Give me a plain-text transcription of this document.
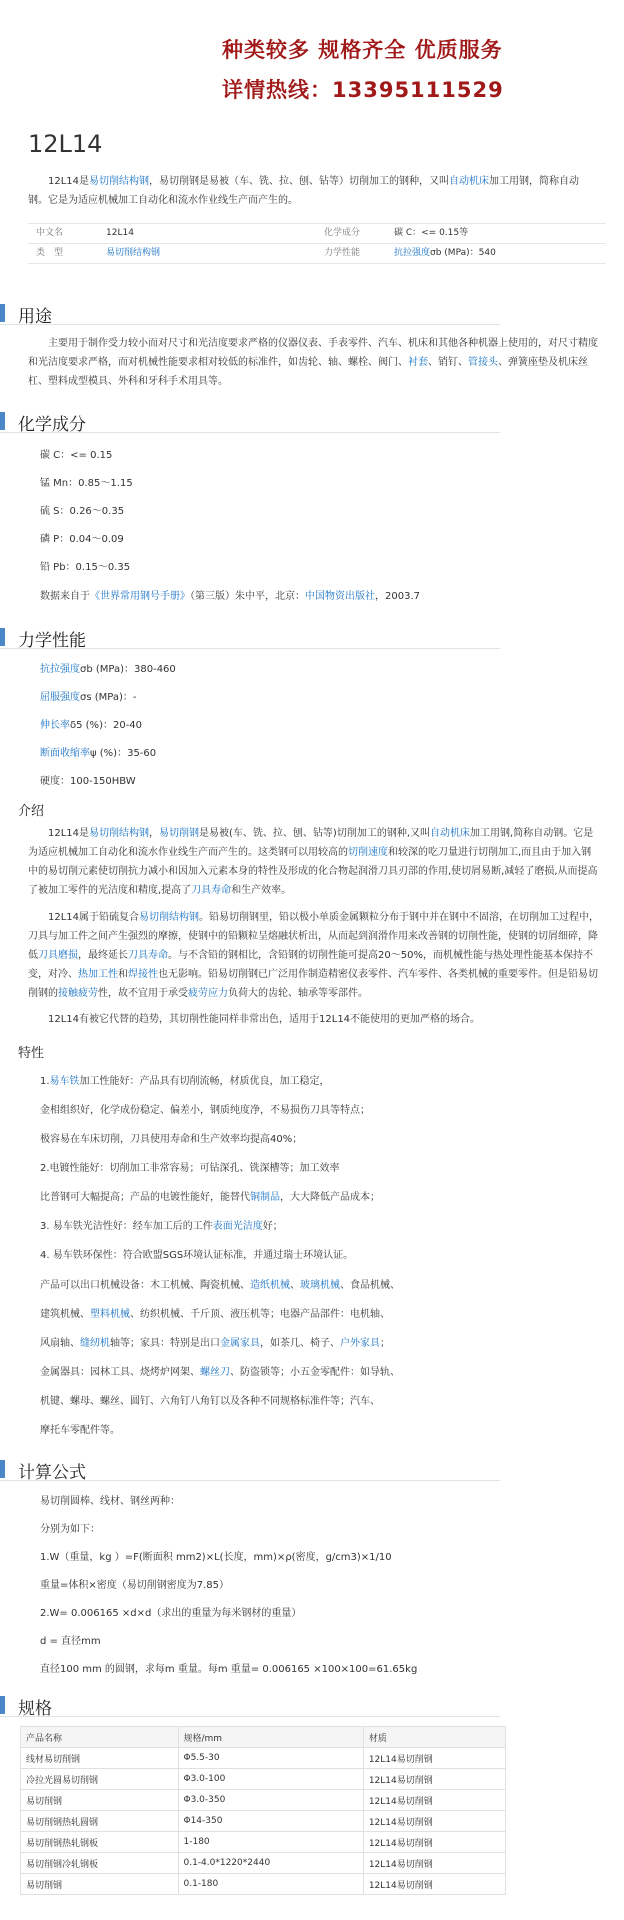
种类较多 规格齐全 优质服务
详情热线：13395111529
12L14
12L14是易切削结构钢，易切削钢是易被（车、铣、拉、刨、钻等）切削加工的钢种，又叫自动机床加工用钢，简称自动钢。它是为适应机械加工自动化和流水作业线生产而产生的。
中文名	12L14	化学成分	碳 C：<= 0.15等
类　型	易切削结构钢	力学性能	抗拉强度σb (MPa)：540
用途
主要用于制作受力较小而对尺寸和光洁度要求严格的仪器仪表、手表零件、汽车、机床和其他各种机器上使用的，对尺寸精度和光洁度要求严格，而对机械性能要求相对较低的标准件，如齿轮、轴、螺栓、阀门、衬套、销钉、管接头、弹簧座垫及机床丝杠、塑料成型模具、外科和牙科手术用具等。
化学成分
碳 C：<= 0.15
锰 Mn：0.85～1.15
硫 S：0.26～0.35
磷 P：0.04～0.09
铅 Pb：0.15～0.35
数据来自于《世界常用钢号手册》（第三版）朱中平，北京：中国物资出版社，2003.7
力学性能
抗拉强度σb (MPa)：380-460
屈服强度σs (MPa)：-
伸长率δ5 (%)：20-40
断面收缩率ψ (%)：35-60
硬度：100-150HBW
介绍
12L14是易切削结构钢，易切削钢是易被(车、铣、拉、刨、钻等)切削加工的钢种,又叫自动机床加工用钢,简称自动钢。它是为适应机械加工自动化和流水作业线生产而产生的。这类钢可以用较高的切削速度和较深的吃刀量进行切削加工,而且由于加入钢中的易切削元素使切削抗力减小和因加入元素本身的特性及形成的化合物起润滑刀具刃部的作用,使切屑易断,减轻了磨损,从而提高了被加工零件的光洁度和精度,提高了刀具寿命和生产效率。
12L14属于铅硫复合易切削结构钢。铅易切削钢里，铅以极小单质金属颗粒分布于钢中并在钢中不固溶，在切削加工过程中，刀具与加工件之间产生强烈的摩擦，使钢中的铅颗粒呈熔融状析出，从而起到润滑作用来改善钢的切削性能，使钢的切屑细碎，降低刀具磨损，最终延长刀具寿命。与不含铅的钢相比，含铅钢的切削性能可提高20～50%，而机械性能与热处理性能基本保持不变，对冷、热加工性和焊接性也无影响。铅易切削钢已广泛用作制造精密仪表零件、汽车零件、各类机械的重要零件。但是铅易切削钢的接触疲劳性，故不宜用于承受疲劳应力负荷大的齿轮、轴承等零部件。
12L14有被它代替的趋势，其切削性能同样非常出色，适用于12L14不能使用的更加严格的场合。
特性
1.易车铁加工性能好：产品具有切削流畅，材质优良，加工稳定，
金相组织好，化学成份稳定、偏差小，钢质纯度净，不易损伤刀具等特点；
极容易在车床切削，刀具使用寿命和生产效率均提高40%；
2.电镀性能好：切削加工非常容易；可钻深孔、铣深槽等；加工效率
比普钢可大幅提高；产品的电镀性能好，能替代铜制品，大大降低产品成本；
3. 易车铁光洁性好：经车加工后的工件表面光洁度好；
4. 易车铁环保性：符合欧盟SGS环境认证标准，并通过瑞士环境认证。
产品可以出口机械设备：木工机械、陶瓷机械、造纸机械、玻璃机械、食品机械、
建筑机械、塑料机械、纺织机械、千斤顶、液压机等；电器产品部件：电机轴、
风扇轴、缝纫机轴等；家具：特别是出口金属家具，如茶几、椅子、户外家具；
金属器具：园林工具、烧烤炉网架、螺丝刀、防盗锁等；小五金零配件：如导轨、
机键、螺母、螺丝、圆钉、六角钉八角钉以及各种不同规格标准件等；汽车、
摩托车零配件等。
计算公式
易切削圆棒、线材、钢丝两种：
分别为如下：
1.W（重量，kg ）=F(断面积 mm2)×L(长度，mm)×ρ(密度，g/cm3)×1/10
重量=体积×密度（易切削钢密度为7.85）
2.W= 0.006165 ×d×d（求出的重量为每米钢材的重量）
d = 直径mm
直径100 mm 的圆钢，求每m 重量。每m 重量= 0.006165 ×100×100=61.65kg
规格
产品名称	规格/mm	材质
线材易切削钢	Φ5.5-30	12L14易切削钢
冷拉光圆易切削钢	Φ3.0-100	12L14易切削钢
易切削钢	Φ3.0-350	12L14易切削钢
易切削钢热轧圆钢	Φ14-350	12L14易切削钢
易切削钢热轧钢板	1-180	12L14易切削钢
易切削钢冷轧钢板	0.1-4.0*1220*2440	12L14易切削钢
易切削钢	0.1-180	12L14易切削钢
